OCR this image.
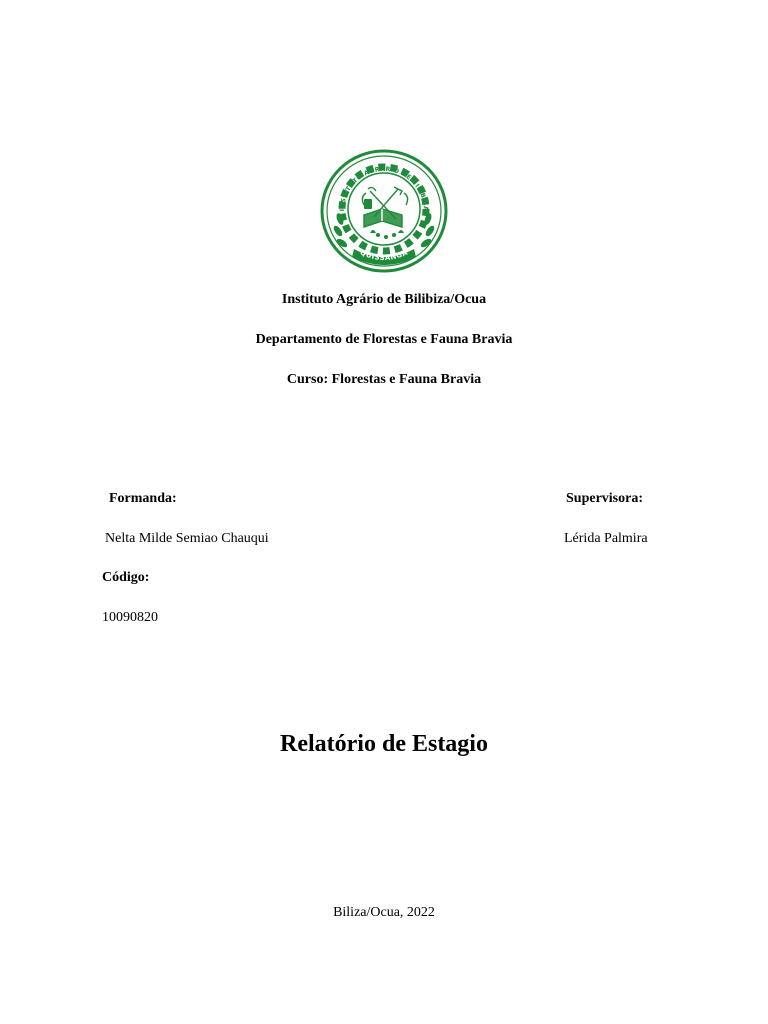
INSTITUTO AGRÁRIO DE BILIBIZA
QUISSANGA
Instituto Agrário de Bilibiza/Ocua
Departamento de Florestas e Fauna Bravia
Curso: Florestas e Fauna Bravia
Formanda:	Supervisora:
Nelta Milde Semiao Chauqui	Lérida Palmira
Código:
10090820
Relatório de Estagio
Biliza/Ocua, 2022
